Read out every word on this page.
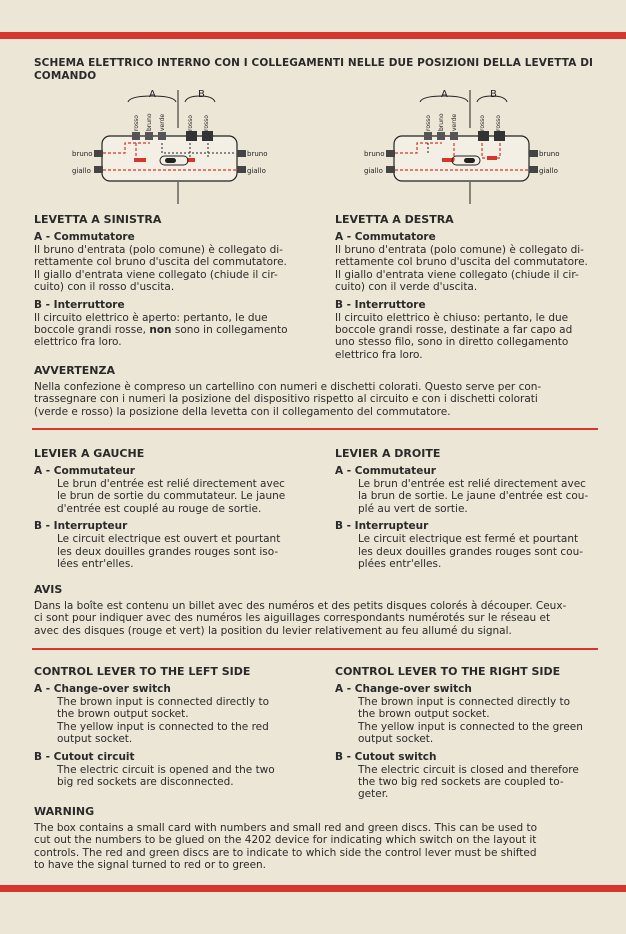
SCHEMA ELETTRICO INTERNO CON I COLLEGAMENTI NELLE DUE POSIZIONI DELLA LEVETTA DI COMANDO
A	B
rosso bruno verde	rosso rosso
bruno
giallo
bruno
giallo
A	B
rosso bruno verde	rosso rosso
bruno
giallo
bruno
giallo
LEVETTA A SINISTRA
A - Commutatore
Il bruno d'entrata (polo comune) è collegato di-
rettamente col bruno d'uscita del commutatore.
Il giallo d'entrata viene collegato (chiude il cir-
cuito) con il rosso d'uscita.
B - Interruttore
Il circuito elettrico è aperto: pertanto, le due
boccole grandi rosse, non sono in collegamento
elettrico fra loro.
LEVETTA A DESTRA
A - Commutatore
Il bruno d'entrata (polo comune) è collegato di-
rettamente col bruno d'uscita del commutatore.
Il giallo d'entrata viene collegato (chiude il cir-
cuito) con il verde d'uscita.
B - Interruttore
Il circuito elettrico è chiuso: pertanto, le due
boccole grandi rosse, destinate a far capo ad
uno stesso filo, sono in diretto collegamento
elettrico fra loro.
AVVERTENZA
Nella confezione è compreso un cartellino con numeri e dischetti colorati. Questo serve per con-
trassegnare con i numeri la posizione del dispositivo rispetto al circuito e con i dischetti colorati
(verde e rosso) la posizione della levetta con il collegamento del commutatore.
LEVIER A GAUCHE
A - Commutateur
Le brun d'entrée est relié directement avec
le brun de sortie du commutateur. Le jaune
d'entrée est couplé au rouge de sortie.
B - Interrupteur
Le circuit electrique est ouvert et pourtant
les deux douilles grandes rouges sont iso-
lées entr'elles.
LEVIER A DROITE
A - Commutateur
Le brun d'entrée est relié directement avec
la brun de sortie. Le jaune d'entrée est cou-
plé au vert de sortie.
B - Interrupteur
Le circuit electrique est fermé et pourtant
les deux douilles grandes rouges sont cou-
plées entr'elles.
AVIS
Dans la boîte est contenu un billet avec des numéros et des petits disques colorés à découper. Ceux-
ci sont pour indiquer avec des numéros les aiguillages correspondants numérotés sur le réseau et
avec des disques (rouge et vert) la position du levier relativement au feu allumé du signal.
CONTROL LEVER TO THE LEFT SIDE
A - Change-over switch
The brown input is connected directly to
the brown output socket.
The yellow input is connected to the red
output socket.
B - Cutout circuit
The electric circuit is opened and the two
big red sockets are disconnected.
CONTROL LEVER TO THE RIGHT SIDE
A - Change-over switch
The brown input is connected directly to
the brown output socket.
The yellow input is connected to the green
output socket.
B - Cutout switch
The electric circuit is closed and therefore
the two big red sockets are coupled to-
geter.
WARNING
The box contains a small card with numbers and small red and green discs. This can be used to
cut out the numbers to be glued on the 4202 device for indicating which switch on the layout it
controls. The red and green discs are to indicate to which side the control lever must be shifted
to have the signal turned to red or to green.
